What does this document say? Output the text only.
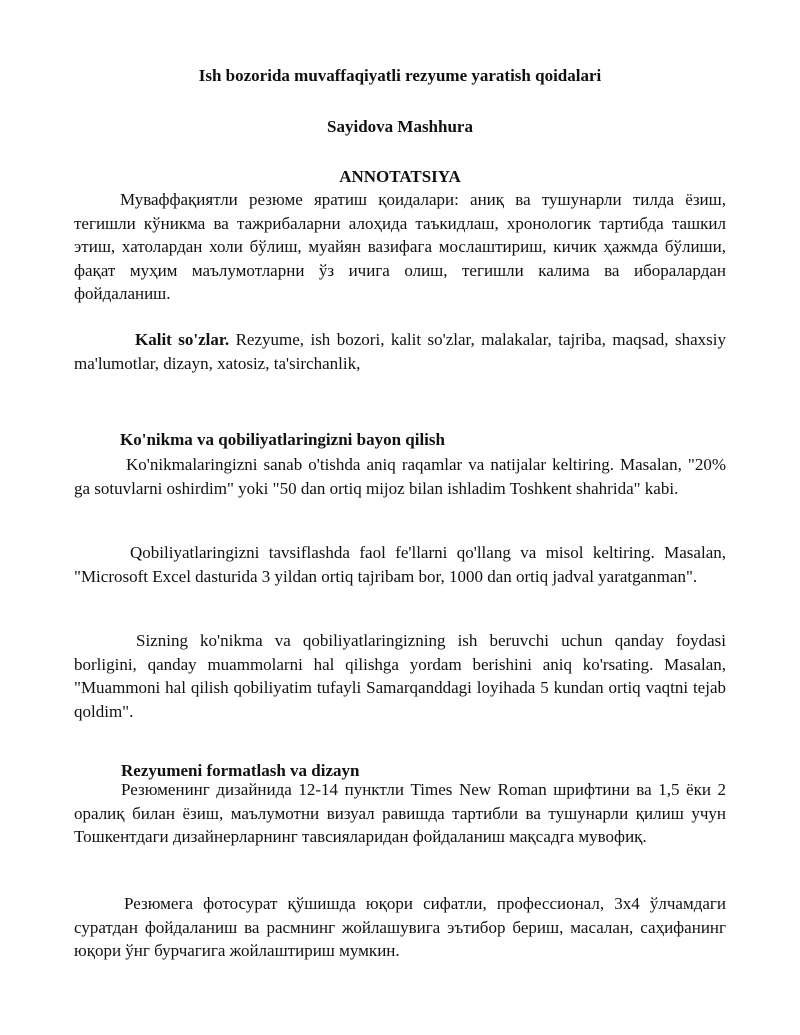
Ish bozorida muvaffaqiyatli rezyume yaratish qoidalari
Sayidova Mashhura
ANNOTATSIYA

Муваффақиятли резюме яратиш қоидалари: аниқ ва тушунарли тилда ёзиш, тегишли кўникма ва тажрибаларни алоҳида таъкидлаш, хронологик тартибда ташкил этиш, хатолардан холи бўлиш, муайян вазифага мослаштириш, кичик ҳажмда бўлиши, фақат муҳим маълумотларни ўз ичига олиш, тегишли калима ва иборалардан фойдаланиш.

Kalit so'zlar. Rezyume, ish bozori, kalit so'zlar, malakalar, tajriba, maqsad, shaxsiy ma'lumotlar, dizayn, xatosiz, ta'sirchanlik,

Ko'nikma va qobiliyatlaringizni bayon qilish

Ko'nikmalaringizni sanab o'tishda aniq raqamlar va natijalar keltiring. Masalan, "20% ga sotuvlarni oshirdim" yoki "50 dan ortiq mijoz bilan ishladim Toshkent shahrida" kabi.

Qobiliyatlaringizni tavsiflashda faol fe'llarni qo'llang va misol keltiring. Masalan, "Microsoft Excel dasturida 3 yildan ortiq tajribam bor, 1000 dan ortiq jadval yaratganman".

Sizning ko'nikma va qobiliyatlaringizning ish beruvchi uchun qanday foydasi borligini, qanday muammolarni hal qilishga yordam berishini aniq ko'rsating. Masalan, "Muammoni hal qilish qobiliyatim tufayli Samarqanddagi loyihada 5 kundan ortiq vaqtni tejab qoldim".

Rezyumeni formatlash va dizayn

Резюменинг дизайнида 12-14 пунктли Times New Roman шрифтини ва 1,5 ёки 2 оралиқ билан ёзиш, маълумотни визуал равишда тартибли ва тушунарли қилиш учун Тошкентдаги дизайнерларнинг тавсияларидан фойдаланиш мақсадга мувофиқ.

Резюмега фотосурат қўшишда юқори сифатли, профессионал, 3x4 ўлчамдаги суратдан фойдаланиш ва расмнинг жойлашувига эътибор бериш, масалан, саҳифанинг юқори ўнг бурчагига жойлаштириш мумкин.
